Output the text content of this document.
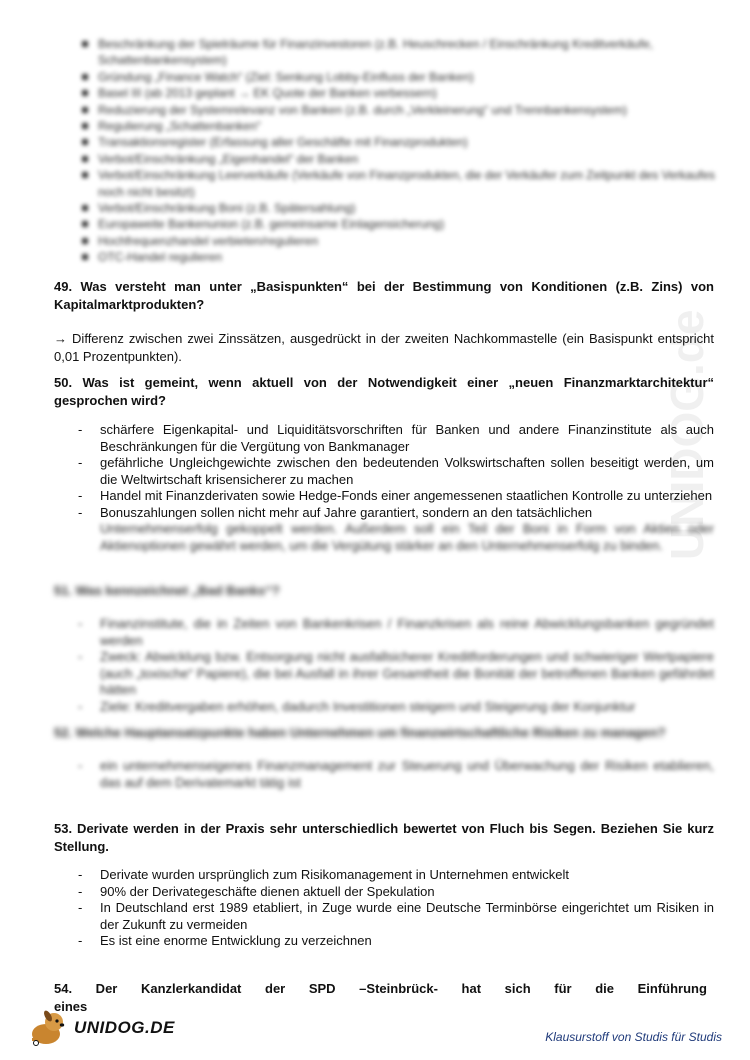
UNIDOG.de
Beschränkung der Spielräume für Finanzinvestoren (z.B. Heuschrecken / Einschränkung Kreditverkäufe, Schattenbankensystem)
Gründung „Finance Watch“ (Ziel: Senkung Lobby-Einfluss der Banken)
Basel III (ab 2013 geplant → EK Quote der Banken verbessern)
Reduzierung der Systemrelevanz von Banken (z.B. durch „Verkleinerung“ und Trennbankensystem)
Regulierung „Schattenbanken“
Transaktionsregister (Erfassung aller Geschäfte mit Finanzprodukten)
Verbot/Einschränkung „Eigenhandel“ der Banken
Verbot/Einschränkung Leerverkäufe (Verkäufe von Finanzprodukten, die der Verkäufer zum Zeitpunkt des Verkaufes noch nicht besitzt)
Verbot/Einschränkung Boni (z.B. Spätersahlung)
Europaweite Bankenunion (z.B. gemeinsame Einlagensicherung)
Hochfrequenzhandel verbieten/regulieren
OTC-Handel regulieren

49. Was versteht man unter „Basispunkten“ bei der Bestimmung von Konditionen (z.B. Zins) von Kapitalmarktprodukten?

→ Differenz zwischen zwei Zinssätzen, ausgedrückt in der zweiten Nachkommastelle (ein Basispunkt entspricht 0,01 Prozentpunkten).

50. Was ist gemeint, wenn aktuell von der Notwendigkeit einer „neuen Finanzmarktarchitektur“ gesprochen wird?

- schärfere Eigenkapital- und Liquiditätsvorschriften für Banken und andere Finanzinstitute als auch Beschränkungen für die Vergütung von Bankmanager
- gefährliche Ungleichgewichte zwischen den bedeutenden Volkswirtschaften sollen beseitigt werden, um die Weltwirtschaft krisensicherer zu machen
- Handel mit Finanzderivaten sowie Hedge-Fonds einer angemessenen staatlichen Kontrolle zu unterziehen
- Bonuszahlungen sollen nicht mehr auf Jahre garantiert, sondern an den tatsächlichen
Unternehmenserfolg gekoppelt werden. Außerdem soll ein Teil der Boni in Form von Aktien oder Aktienoptionen gewährt werden, um die Vergütung stärker an den Unternehmenserfolg zu binden.

51. Was kennzeichnet „Bad Banks“?

- Finanzinstitute, die in Zeiten von Bankenkrisen / Finanzkrisen als reine Abwicklungsbanken gegründet werden
- Zweck: Abwicklung bzw. Entsorgung nicht ausfallsicherer Kreditforderungen und schwieriger Wertpapiere (auch „toxische“ Papiere), die bei Ausfall in ihrer Gesamtheit die Bonität der betroffenen Banken gefährdet hätten
- Ziele: Kreditvergaben erhöhen, dadurch Investitionen steigern und Steigerung der Konjunktur

52. Welche Hauptansatzpunkte haben Unternehmen um finanzwirtschaftliche Risiken zu managen?

- ein unternehmenseigenes Finanzmanagement zur Steuerung und Überwachung der Risiken etablieren, das auf dem Derivatemarkt tätig ist

53. Derivate werden in der Praxis sehr unterschiedlich bewertet von Fluch bis Segen. Beziehen Sie kurz Stellung.

- Derivate wurden ursprünglich zum Risikomanagement in Unternehmen entwickelt
- 90% der Derivategeschäfte dienen aktuell der Spekulation
- In Deutschland erst 1989 etabliert, in Zuge wurde eine Deutsche Terminbörse eingerichtet um Risiken in der Zukunft zu vermeiden
- Es ist eine enorme Entwicklung zu verzeichnen

54. Der Kanzlerkandidat der SPD –Steinbrück- hat sich für die Einführung eines

UNIDOG.DE	Klausurstoff von Studis für Studis
